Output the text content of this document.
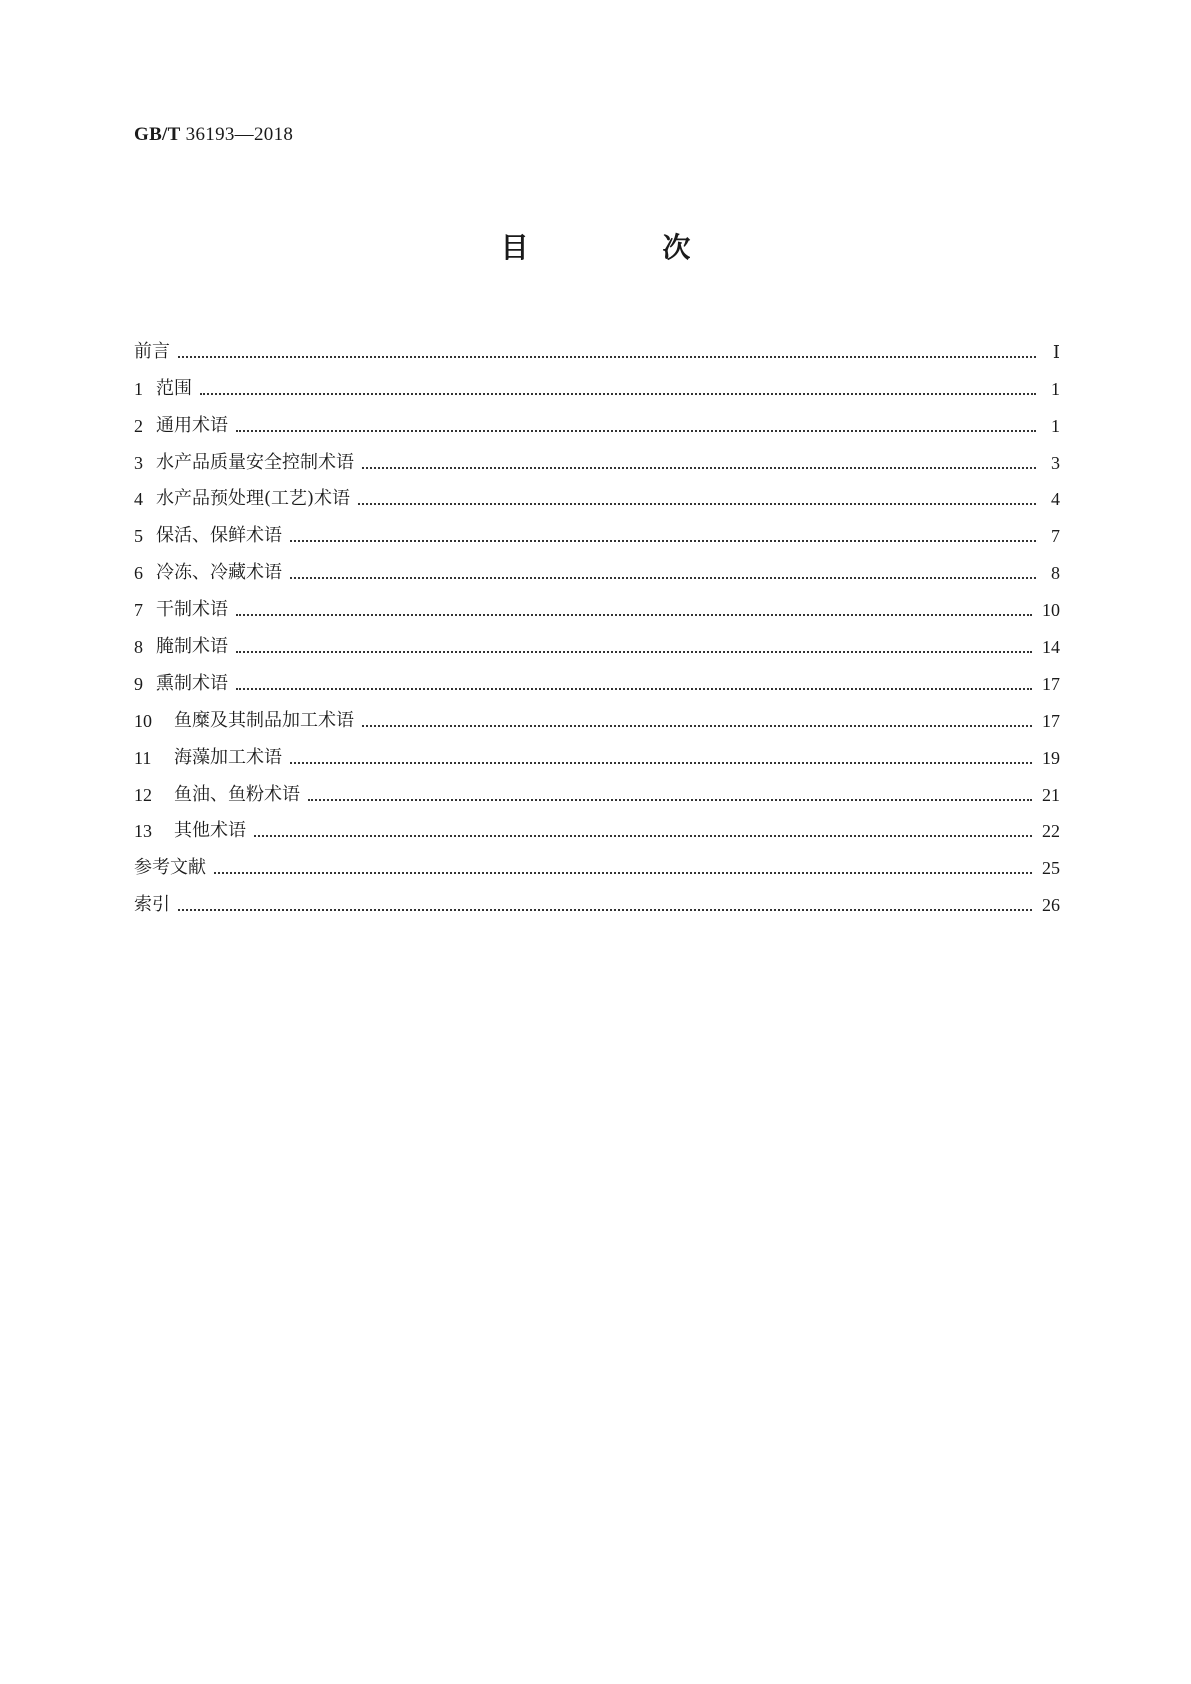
GB/T 36193—2018
目 次
前言	Ⅰ
1 范围	1
2 通用术语	1
3 水产品质量安全控制术语	3
4 水产品预处理(工艺)术语	4
5 保活、保鲜术语	7
6 冷冻、冷藏术语	8
7 干制术语	10
8 腌制术语	14
9 熏制术语	17
10	鱼糜及其制品加工术语	17
11	海藻加工术语	19
12	鱼油、鱼粉术语	21
13	其他术语	22
参考文献	25
索引	26
